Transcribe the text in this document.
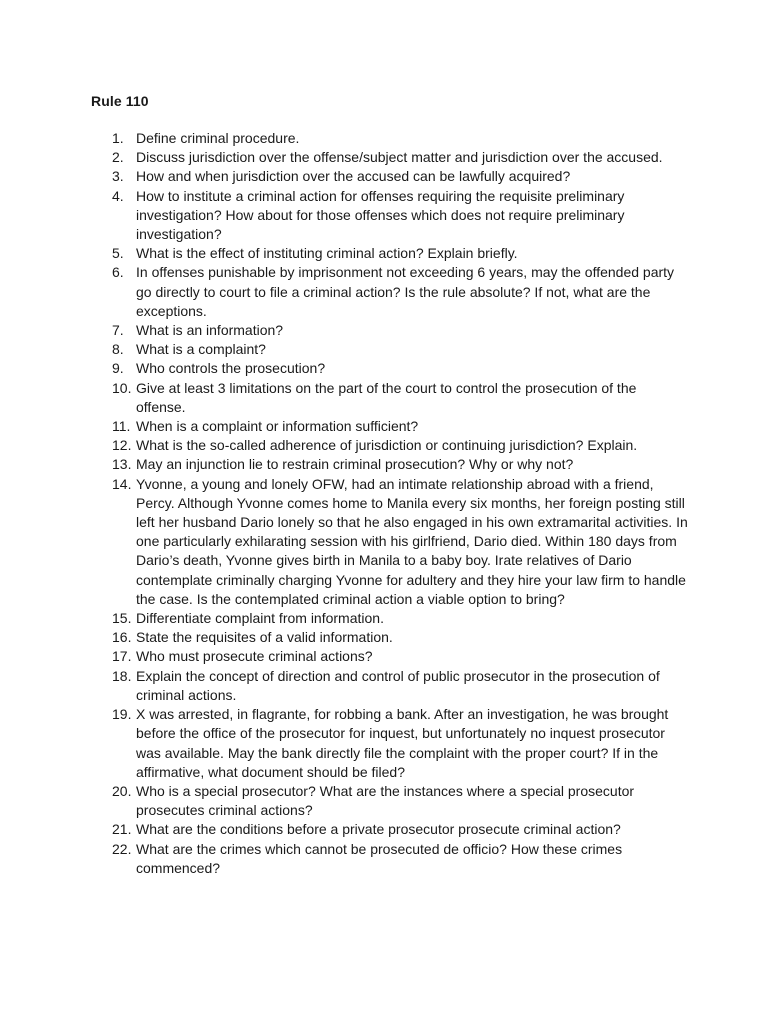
Rule 110
1. Define criminal procedure.
2. Discuss jurisdiction over the offense/subject matter and jurisdiction over the accused.
3. How and when jurisdiction over the accused can be lawfully acquired?
4. How to institute a criminal action for offenses requiring the requisite preliminary investigation? How about for those offenses which does not require preliminary investigation?
5. What is the effect of instituting criminal action? Explain briefly.
6. In offenses punishable by imprisonment not exceeding 6 years, may the offended party go directly to court to file a criminal action? Is the rule absolute? If not, what are the exceptions.
7. What is an information?
8. What is a complaint?
9. Who controls the prosecution?
10. Give at least 3 limitations on the part of the court to control the prosecution of the offense.
11. When is a complaint or information sufficient?
12. What is the so-called adherence of jurisdiction or continuing jurisdiction? Explain.
13. May an injunction lie to restrain criminal prosecution? Why or why not?
14. Yvonne, a young and lonely OFW, had an intimate relationship abroad with a friend, Percy. Although Yvonne comes home to Manila every six months, her foreign posting still left her husband Dario lonely so that he also engaged in his own extramarital activities. In one particularly exhilarating session with his girlfriend, Dario died. Within 180 days from Dario’s death, Yvonne gives birth in Manila to a baby boy. Irate relatives of Dario contemplate criminally charging Yvonne for adultery and they hire your law firm to handle the case. Is the contemplated criminal action a viable option to bring?
15. Differentiate complaint from information.
16. State the requisites of a valid information.
17. Who must prosecute criminal actions?
18. Explain the concept of direction and control of public prosecutor in the prosecution of criminal actions.
19. X was arrested, in flagrante, for robbing a bank. After an investigation, he was brought before the office of the prosecutor for inquest, but unfortunately no inquest prosecutor was available. May the bank directly file the complaint with the proper court? If in the affirmative, what document should be filed?
20. Who is a special prosecutor? What are the instances where a special prosecutor prosecutes criminal actions?
21. What are the conditions before a private prosecutor prosecute criminal action?
22. What are the crimes which cannot be prosecuted de officio? How these crimes commenced?
